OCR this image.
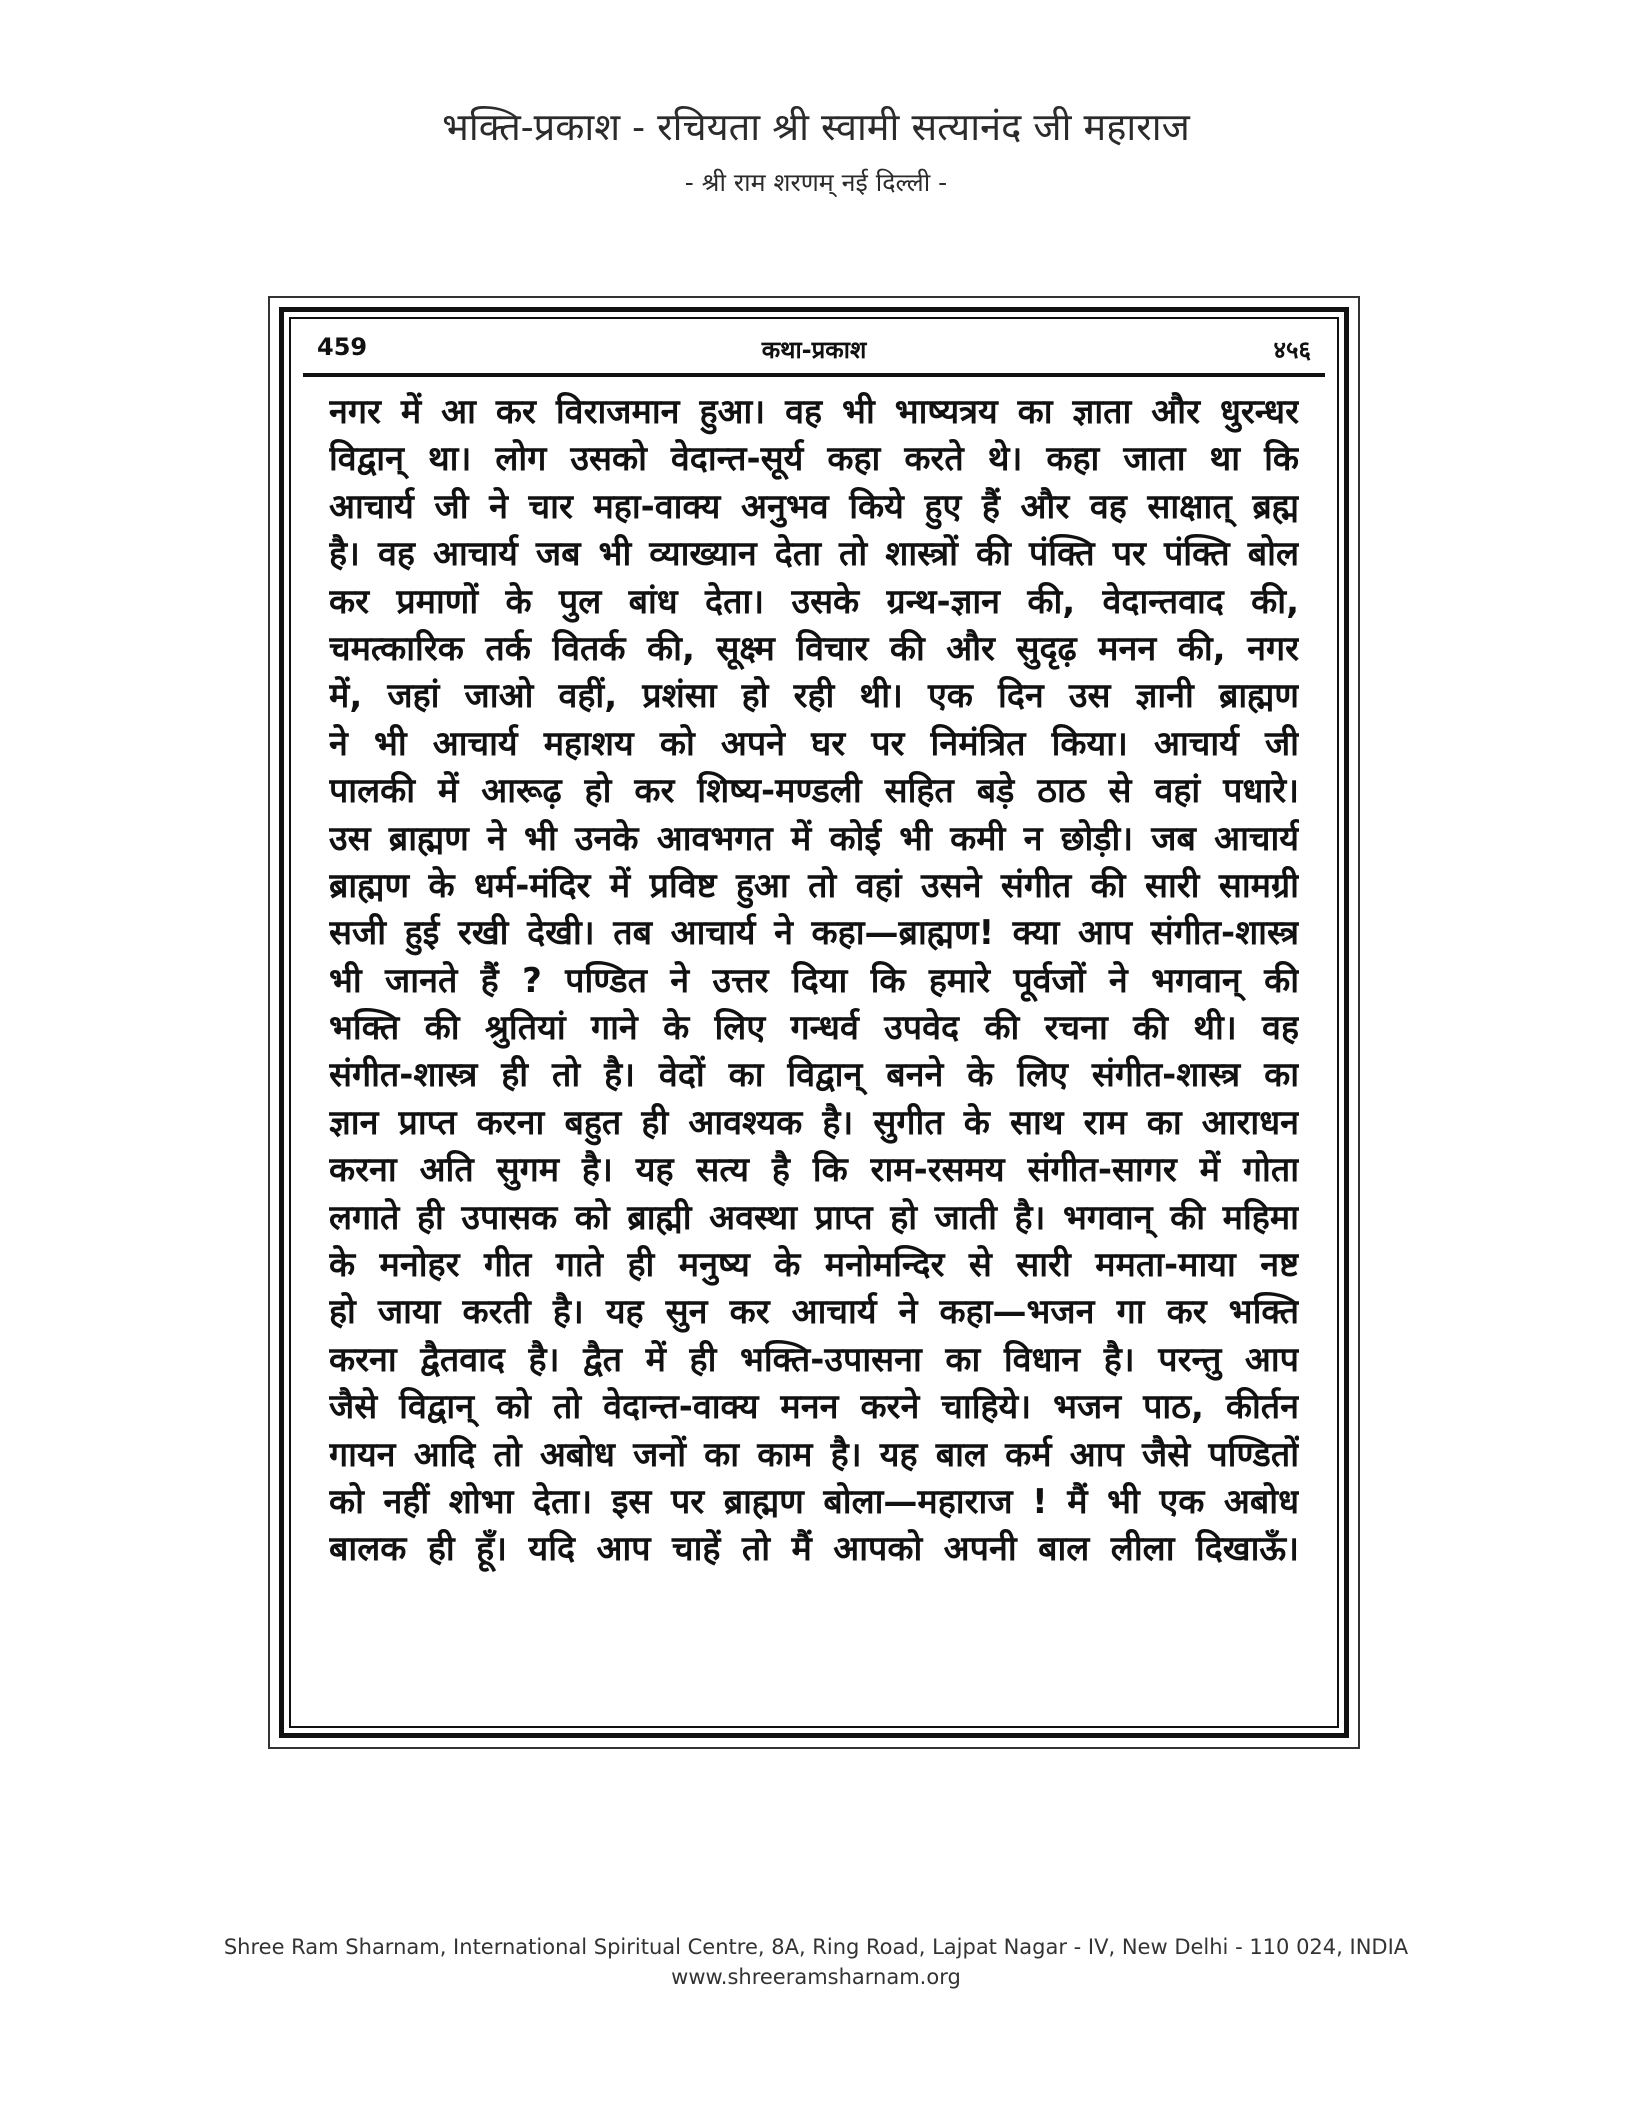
भक्ति-प्रकाश - रचियता श्री स्वामी सत्यानंद जी महाराज
- श्री राम शरणम् नई दिल्ली -
459	कथा-प्रकाश	४५६
नगर में आ कर विराजमान हुआ। वह भी भाष्यत्रय का ज्ञाता और धुरन्धर
विद्वान् था। लोग उसको वेदान्त-सूर्य कहा करते थे। कहा जाता था कि
आचार्य जी ने चार महा-वाक्य अनुभव किये हुए हैं और वह साक्षात् ब्रह्म
है। वह आचार्य जब भी व्याख्यान देता तो शास्त्रों की पंक्ति पर पंक्ति बोल
कर प्रमाणों के पुल बांध देता। उसके ग्रन्थ-ज्ञान की, वेदान्तवाद की,
चमत्कारिक तर्क वितर्क की, सूक्ष्म विचार की और सुदृढ़ मनन की, नगर
में, जहां जाओ वहीं, प्रशंसा हो रही थी। एक दिन उस ज्ञानी ब्राह्मण
ने भी आचार्य महाशय को अपने घर पर निमंत्रित किया। आचार्य जी
पालकी में आरूढ़ हो कर शिष्य-मण्डली सहित बड़े ठाठ से वहां पधारे।
उस ब्राह्मण ने भी उनके आवभगत में कोई भी कमी न छोड़ी। जब आचार्य
ब्राह्मण के धर्म-मंदिर में प्रविष्ट हुआ तो वहां उसने संगीत की सारी सामग्री
सजी हुई रखी देखी। तब आचार्य ने कहा—ब्राह्मण! क्या आप संगीत-शास्त्र
भी जानते हैं ? पण्डित ने उत्तर दिया कि हमारे पूर्वजों ने भगवान् की
भक्ति की श्रुतियां गाने के लिए गन्धर्व उपवेद की रचना की थी। वह
संगीत-शास्त्र ही तो है। वेदों का विद्वान् बनने के लिए संगीत-शास्त्र का
ज्ञान प्राप्त करना बहुत ही आवश्यक है। सुगीत के साथ राम का आराधन
करना अति सुगम है। यह सत्य है कि राम-रसमय संगीत-सागर में गोता
लगाते ही उपासक को ब्राह्मी अवस्था प्राप्त हो जाती है। भगवान् की महिमा
के मनोहर गीत गाते ही मनुष्य के मनोमन्दिर से सारी ममता-माया नष्ट
हो जाया करती है। यह सुन कर आचार्य ने कहा—भजन गा कर भक्ति
करना द्वैतवाद है। द्वैत में ही भक्ति-उपासना का विधान है। परन्तु आप
जैसे विद्वान् को तो वेदान्त-वाक्य मनन करने चाहिये। भजन पाठ, कीर्तन
गायन आदि तो अबोध जनों का काम है। यह बाल कर्म आप जैसे पण्डितों
को नहीं शोभा देता। इस पर ब्राह्मण बोला—महाराज ! मैं भी एक अबोध
बालक ही हूँ। यदि आप चाहें तो मैं आपको अपनी बाल लीला दिखाऊँ।
Shree Ram Sharnam, International Spiritual Centre, 8A, Ring Road, Lajpat Nagar - IV, New Delhi - 110 024, INDIA
www.shreeramsharnam.org
